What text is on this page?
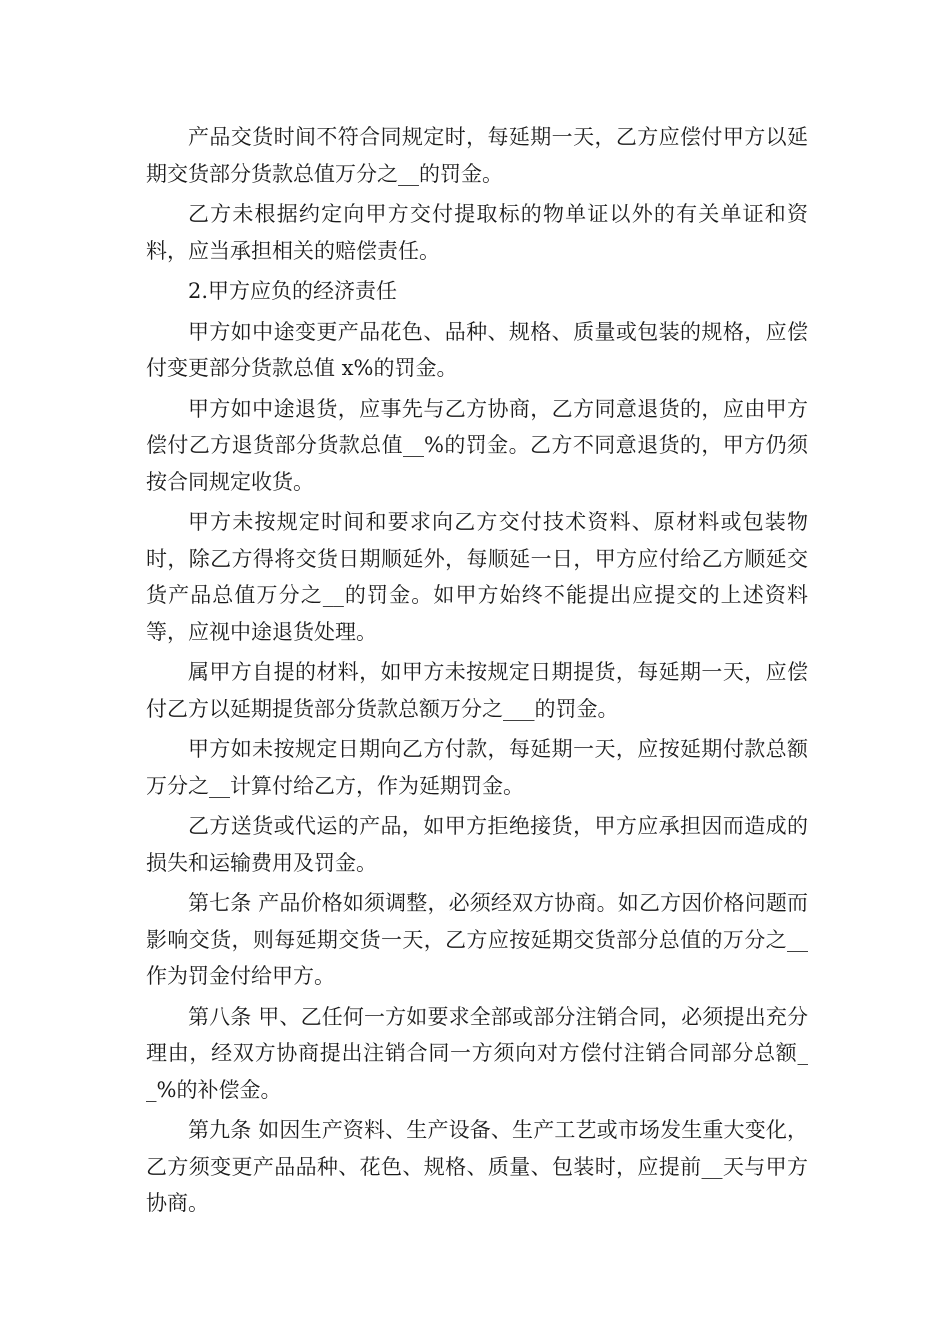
产品交货时间不符合同规定时，每延期一天，乙方应偿付甲方以延期交货部分货款总值万分之__的罚金。

乙方未根据约定向甲方交付提取标的物单证以外的有关单证和资料，应当承担相关的赔偿责任。

2.甲方应负的经济责任

甲方如中途变更产品花色、品种、规格、质量或包装的规格，应偿付变更部分货款总值 x%的罚金。

甲方如中途退货，应事先与乙方协商，乙方同意退货的，应由甲方偿付乙方退货部分货款总值__%的罚金。乙方不同意退货的，甲方仍须按合同规定收货。

甲方未按规定时间和要求向乙方交付技术资料、原材料或包装物时，除乙方得将交货日期顺延外，每顺延一日，甲方应付给乙方顺延交货产品总值万分之__的罚金。如甲方始终不能提出应提交的上述资料等，应视中途退货处理。

属甲方自提的材料，如甲方未按规定日期提货，每延期一天，应偿付乙方以延期提货部分货款总额万分之___的罚金。

甲方如未按规定日期向乙方付款，每延期一天，应按延期付款总额万分之__计算付给乙方，作为延期罚金。

乙方送货或代运的产品，如甲方拒绝接货，甲方应承担因而造成的损失和运输费用及罚金。

第七条 产品价格如须调整，必须经双方协商。如乙方因价格问题而影响交货，则每延期交货一天，乙方应按延期交货部分总值的万分之__作为罚金付给甲方。

第八条 甲、乙任何一方如要求全部或部分注销合同，必须提出充分理由，经双方协商提出注销合同一方须向对方偿付注销合同部分总额__%的补偿金。

第九条 如因生产资料、生产设备、生产工艺或市场发生重大变化，乙方须变更产品品种、花色、规格、质量、包装时，应提前__天与甲方协商。
